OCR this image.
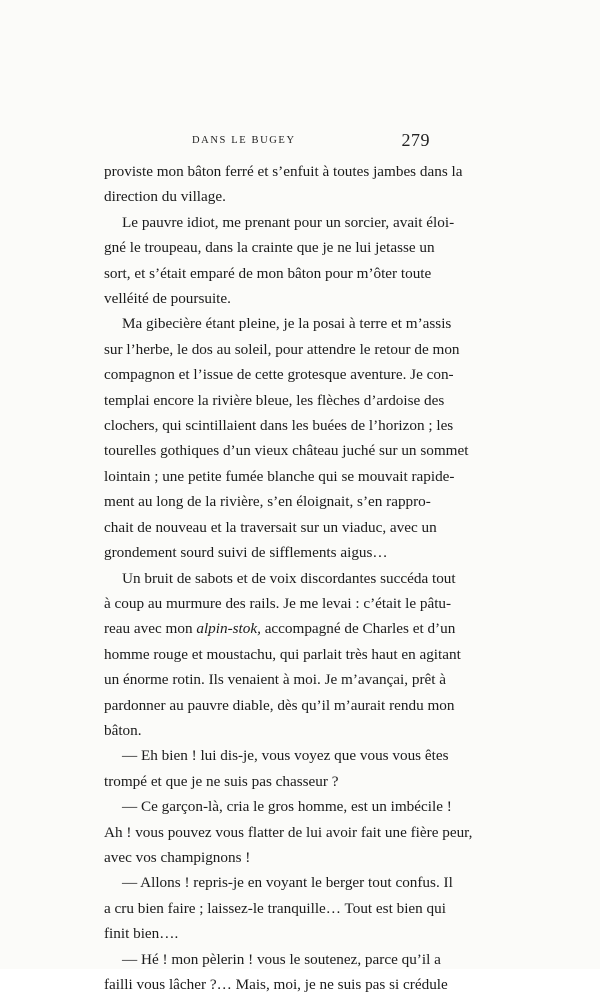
DANS LE BUGEY	279

proviste mon bâton ferré et s’enfuit à toutes jambes dans la
direction du village.

Le pauvre idiot, me prenant pour un sorcier, avait éloi-
gné le troupeau, dans la crainte que je ne lui jetasse un
sort, et s’était emparé de mon bâton pour m’ôter toute
velléité de poursuite.

Ma gibecière étant pleine, je la posai à terre et m’assis
sur l’herbe, le dos au soleil, pour attendre le retour de mon
compagnon et l’issue de cette grotesque aventure. Je con-
templai encore la rivière bleue, les flèches d’ardoise des
clochers, qui scintillaient dans les buées de l’horizon ; les
tourelles gothiques d’un vieux château juché sur un sommet
lointain ; une petite fumée blanche qui se mouvait rapide-
ment au long de la rivière, s’en éloignait, s’en rappro-
chait de nouveau et la traversait sur un viaduc, avec un
grondement sourd suivi de sifflements aigus…

Un bruit de sabots et de voix discordantes succéda tout
à coup au murmure des rails. Je me levai : c’était le pâtu-
reau avec mon alpin-stok, accompagné de Charles et d’un
homme rouge et moustachu, qui parlait très haut en agitant
un énorme rotin. Ils venaient à moi. Je m’avançai, prêt à
pardonner au pauvre diable, dès qu’il m’aurait rendu mon
bâton.

— Eh bien ! lui dis-je, vous voyez que vous vous êtes
trompé et que je ne suis pas chasseur ?

— Ce garçon-là, cria le gros homme, est un imbécile !
Ah ! vous pouvez vous flatter de lui avoir fait une fière peur,
avec vos champignons !

— Allons ! repris-je en voyant le berger tout confus. Il
a cru bien faire ; laissez-le tranquille… Tout est bien qui
finit bien….

— Hé ! mon pèlerin ! vous le soutenez, parce qu’il a
failli vous lâcher ?… Mais, moi, je ne suis pas si crédule
